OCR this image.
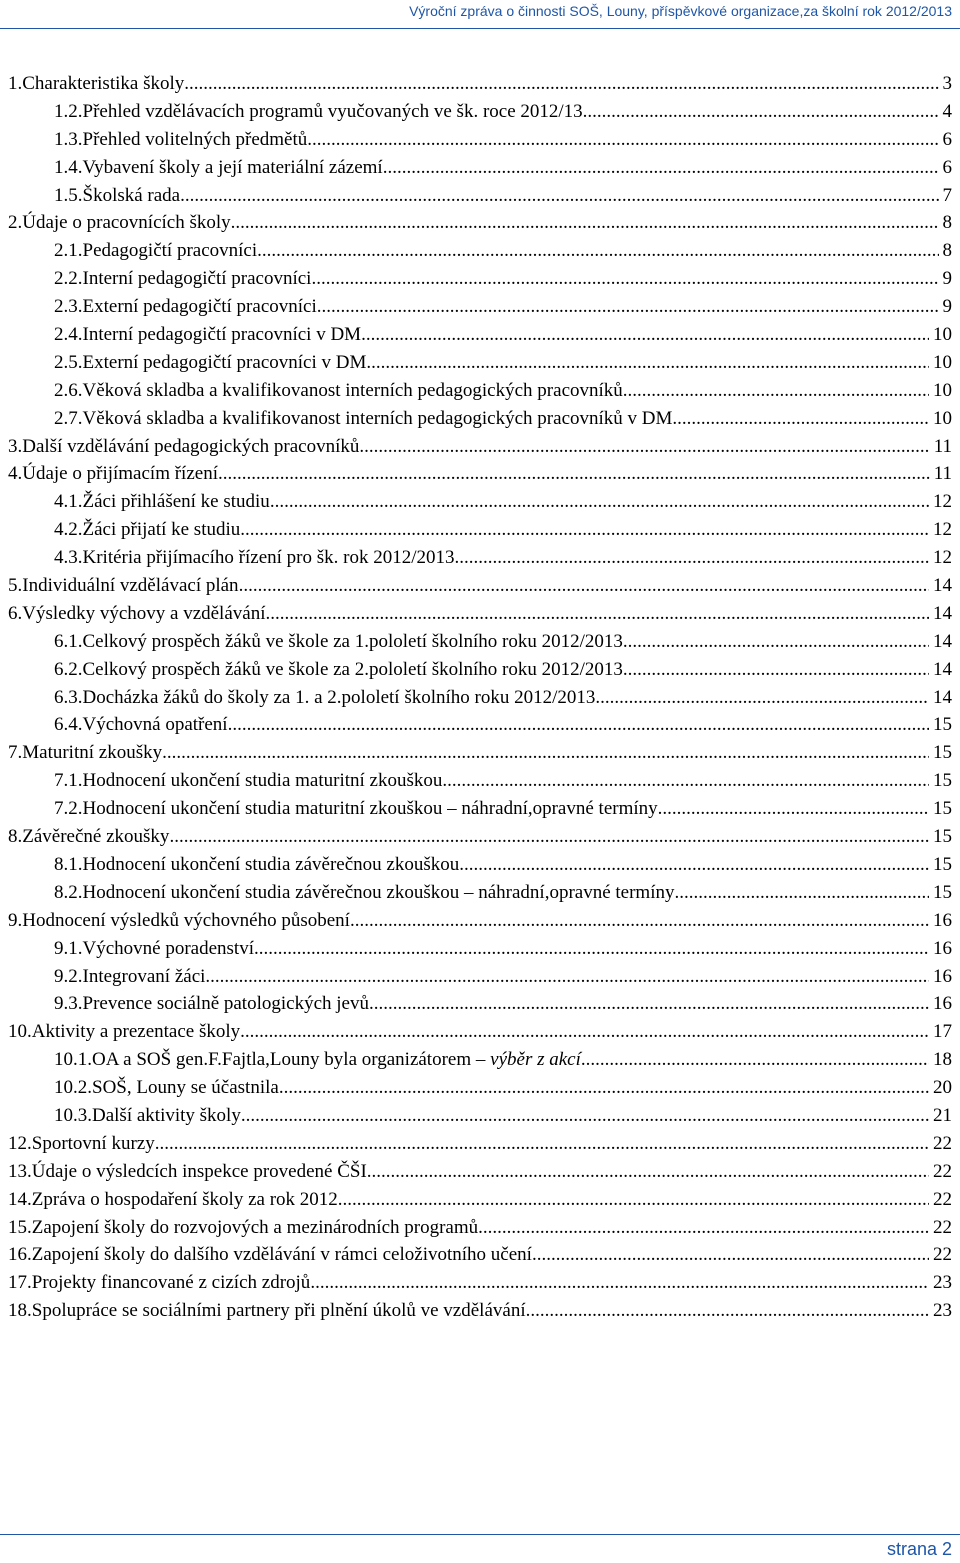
Výroční zpráva o činnosti SOŠ, Louny, příspěvkové organizace,za školní rok 2012/2013
1. Charakteristika školy .....	3
1.2. Přehled vzdělávacích programů vyučovaných ve šk. roce 2012/13 .....	4
1.3. Přehled volitelných předmětů .....	6
1.4. Vybavení školy a její materiální zázemí .....	6
1.5. Školská rada .....	7
2. Údaje o pracovnících školy .....	8
2.1. Pedagogičtí pracovníci .....	8
2.2. Interní pedagogičtí pracovníci .....	9
2.3. Externí pedagogičtí pracovníci .....	9
2.4. Interní pedagogičtí pracovníci v DM .....	10
2.5. Externí pedagogičtí pracovníci v DM .....	10
2.6. Věková skladba a kvalifikovanost interních pedagogických pracovníků .....	10
2.7. Věková skladba a kvalifikovanost interních pedagogických pracovníků v DM .....	10
3. Další vzdělávání pedagogických pracovníků .....	11
4. Údaje o přijímacím řízení .....	11
4.1. Žáci přihlášení ke studiu .....	12
4.2. Žáci přijatí ke studiu .....	12
4.3. Kritéria přijímacího řízení pro šk. rok 2012/2013 .....	12
5. Individuální vzdělávací plán .....	14
6. Výsledky výchovy a vzdělávání .....	14
6.1. Celkový prospěch žáků ve škole za 1.pololetí školního roku 2012/2013 .....	14
6.2. Celkový prospěch žáků ve škole za 2.pololetí školního roku 2012/2013 .....	14
6.3. Docházka žáků do školy za 1. a 2.pololetí školního roku 2012/2013 .....	14
6.4. Výchovná opatření .....	15
7. Maturitní zkoušky .....	15
7.1. Hodnocení ukončení studia maturitní zkouškou .....	15
7.2. Hodnocení ukončení studia maturitní zkouškou – náhradní,opravné termíny .....	15
8. Závěrečné zkoušky .....	15
8.1. Hodnocení ukončení studia závěrečnou zkouškou .....	15
8.2. Hodnocení ukončení studia závěrečnou zkouškou – náhradní,opravné termíny .....	15
9. Hodnocení výsledků výchovného působení .....	16
9.1. Výchovné poradenství .....	16
9.2. Integrovaní žáci .....	16
9.3. Prevence sociálně patologických jevů .....	16
10. Aktivity a prezentace školy .....	17
10.1. OA a SOŠ gen.F.Fajtla,Louny byla organizátorem – výběr z akcí .....	18
10.2. SOŠ, Louny se účastnila .....	20
10.3. Další aktivity školy .....	21
12. Sportovní kurzy .....	22
13. Údaje o výsledcích inspekce provedené ČŠI .....	22
14. Zpráva o hospodaření školy za rok 2012 .....	22
15. Zapojení školy do rozvojových a mezinárodních programů .....	22
16. Zapojení školy do dalšího vzdělávání v rámci celoživotního učení .....	22
17. Projekty financované z cizích zdrojů .....	23
18. Spolupráce se sociálními partnery při plnění úkolů ve vzdělávání .....	23
strana 2
